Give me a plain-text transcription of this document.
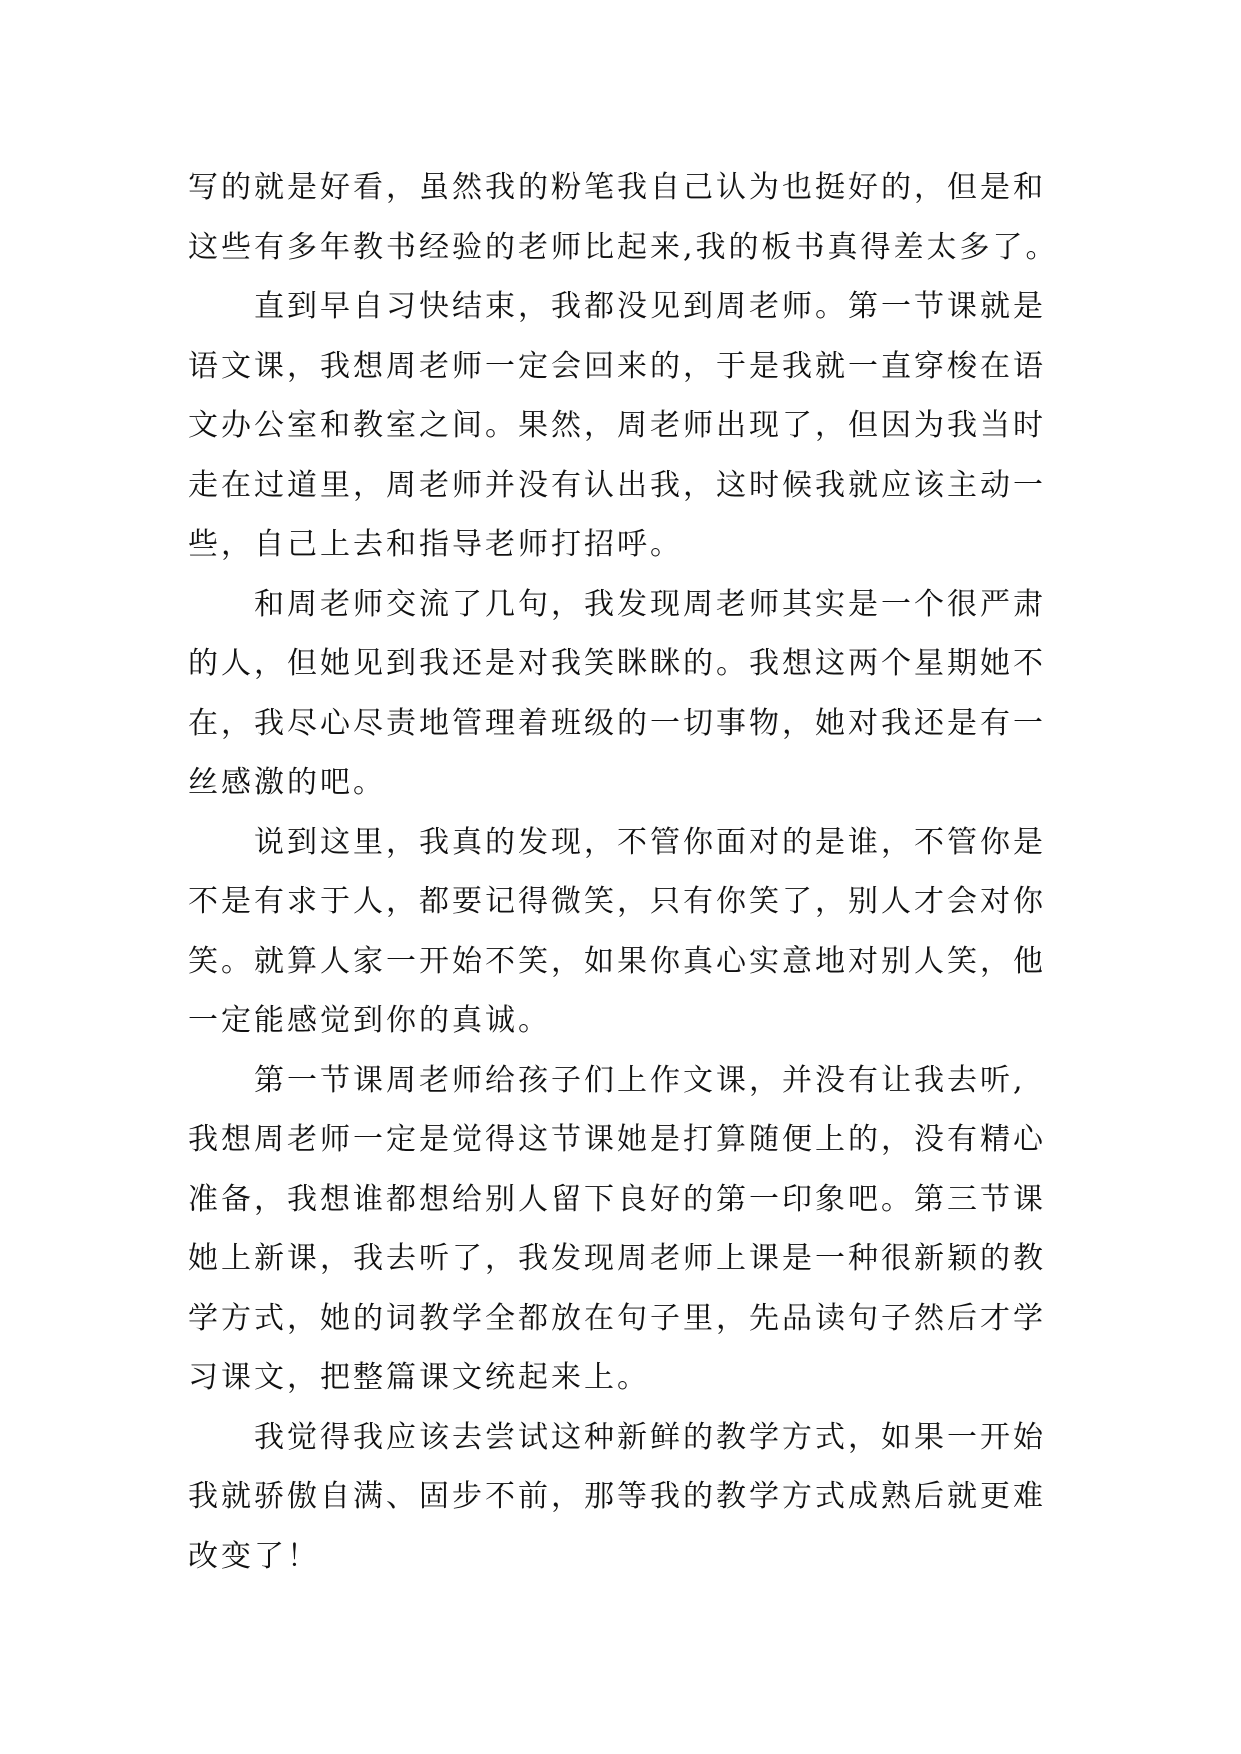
写的就是好看，虽然我的粉笔我自己认为也挺好的，但是和
这些有多年教书经验的老师比起来,我的板书真得差太多了。
直到早自习快结束，我都没见到周老师。第一节课就是
语文课，我想周老师一定会回来的，于是我就一直穿梭在语
文办公室和教室之间。果然，周老师出现了，但因为我当时
走在过道里，周老师并没有认出我，这时候我就应该主动一
些，自己上去和指导老师打招呼。
和周老师交流了几句，我发现周老师其实是一个很严肃
的人，但她见到我还是对我笑眯眯的。我想这两个星期她不
在，我尽心尽责地管理着班级的一切事物，她对我还是有一
丝感激的吧。
说到这里，我真的发现，不管你面对的是谁，不管你是
不是有求于人，都要记得微笑，只有你笑了，别人才会对你
笑。就算人家一开始不笑，如果你真心实意地对别人笑，他
一定能感觉到你的真诚。
第一节课周老师给孩子们上作文课，并没有让我去听,
我想周老师一定是觉得这节课她是打算随便上的，没有精心
准备，我想谁都想给别人留下良好的第一印象吧。第三节课
她上新课，我去听了，我发现周老师上课是一种很新颖的教
学方式，她的词教学全都放在句子里，先品读句子然后才学
习课文，把整篇课文统起来上。
我觉得我应该去尝试这种新鲜的教学方式，如果一开始
我就骄傲自满、固步不前，那等我的教学方式成熟后就更难
改变了！
